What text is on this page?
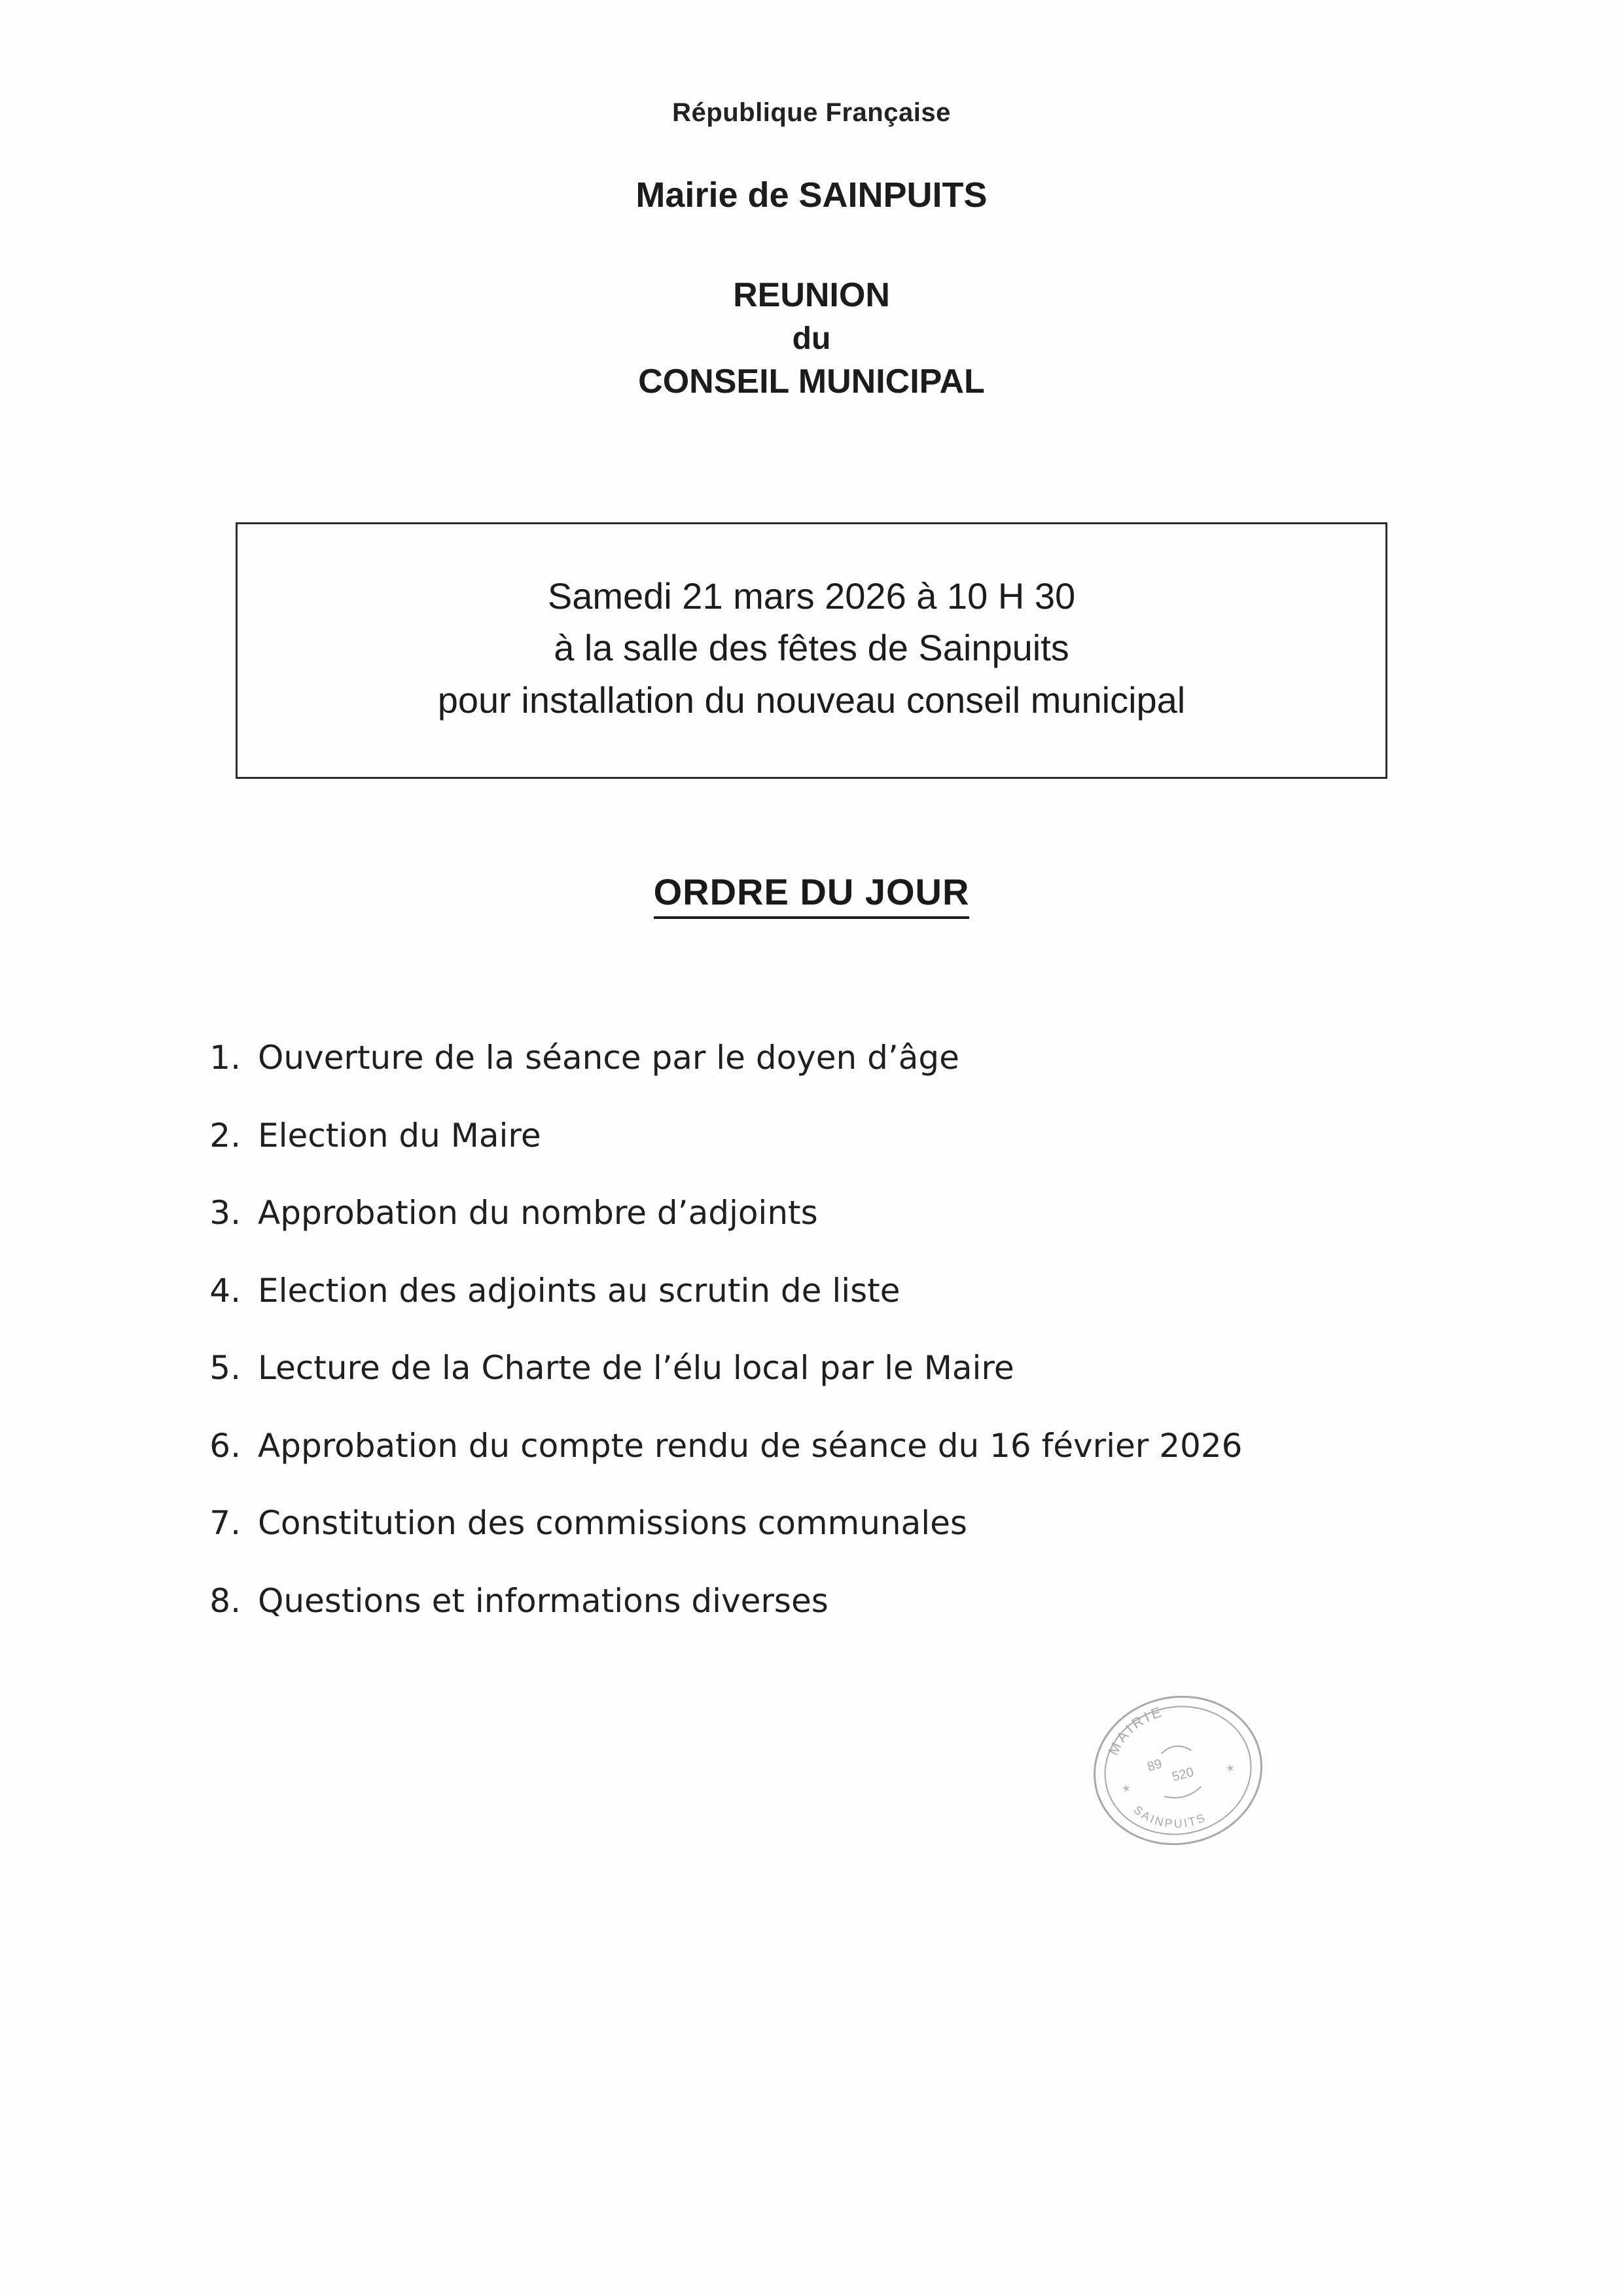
République Française
Mairie de SAINPUITS
REUNION
du
CONSEIL MUNICIPAL
Samedi 21 mars 2026 à 10 H 30
à la salle des fêtes de Sainpuits
pour installation du nouveau conseil municipal
ORDRE DU JOUR
1. Ouverture de la séance par le doyen d’âge
2. Election du Maire
3. Approbation du nombre d’adjoints
4. Election des adjoints au scrutin de liste
5. Lecture de la Charte de l’élu local par le Maire
6. Approbation du compte rendu de séance du 16 février 2026
7. Constitution des commissions communales
8. Questions et informations diverses
MAIRIE
SAINPUITS
89 520
*
*
